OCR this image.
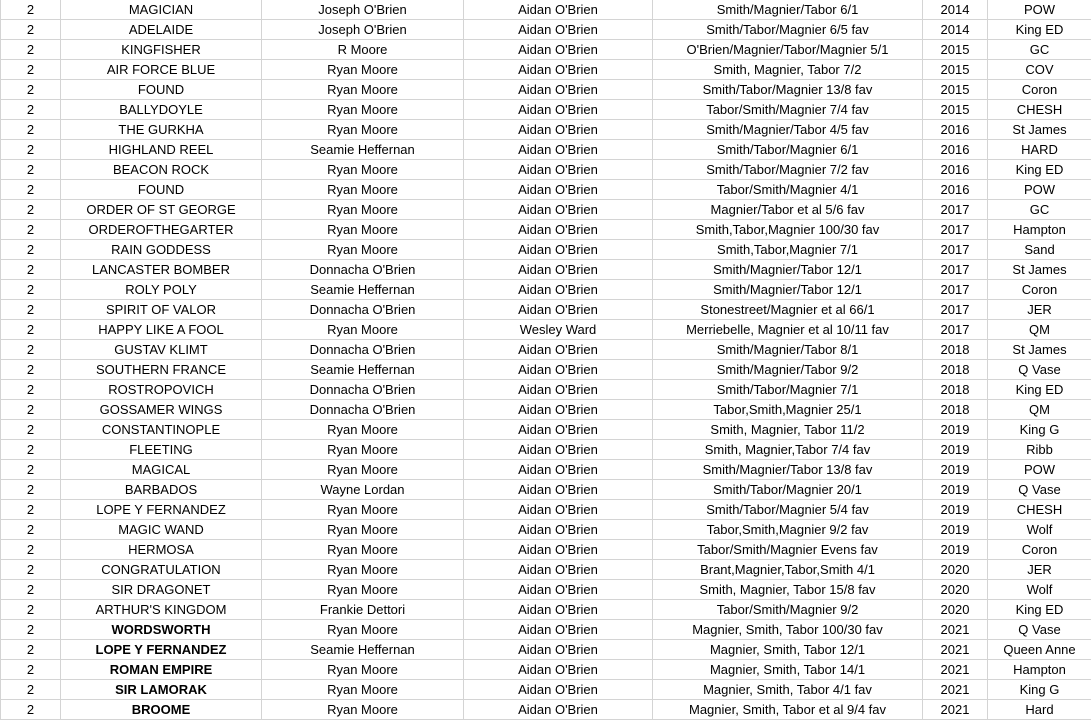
2	MAGICIAN	Joseph O'Brien	Aidan O'Brien	Smith/Magnier/Tabor 6/1	2014	POW
2	ADELAIDE	Joseph O'Brien	Aidan O'Brien	Smith/Tabor/Magnier 6/5 fav	2014	King ED
2	KINGFISHER	R Moore	Aidan O'Brien	O'Brien/Magnier/Tabor/Magnier 5/1	2015	GC
2	AIR FORCE BLUE	Ryan Moore	Aidan O'Brien	Smith, Magnier, Tabor 7/2	2015	COV
2	FOUND	Ryan Moore	Aidan O'Brien	Smith/Tabor/Magnier 13/8 fav	2015	Coron
2	BALLYDOYLE	Ryan Moore	Aidan O'Brien	Tabor/Smith/Magnier 7/4 fav	2015	CHESH
2	THE GURKHA	Ryan Moore	Aidan O'Brien	Smith/Magnier/Tabor 4/5 fav	2016	St James
2	HIGHLAND REEL	Seamie Heffernan	Aidan O'Brien	Smith/Tabor/Magnier 6/1	2016	HARD
2	BEACON ROCK	Ryan Moore	Aidan O'Brien	Smith/Tabor/Magnier 7/2 fav	2016	King ED
2	FOUND	Ryan Moore	Aidan O'Brien	Tabor/Smith/Magnier 4/1	2016	POW
2	ORDER OF ST GEORGE	Ryan Moore	Aidan O'Brien	Magnier/Tabor et al 5/6 fav	2017	GC
2	ORDEROFTHEGARTER	Ryan Moore	Aidan O'Brien	Smith,Tabor,Magnier 100/30 fav	2017	Hampton
2	RAIN GODDESS	Ryan Moore	Aidan O'Brien	Smith,Tabor,Magnier 7/1	2017	Sand
2	LANCASTER BOMBER	Donnacha O'Brien	Aidan O'Brien	Smith/Magnier/Tabor 12/1	2017	St James
2	ROLY POLY	Seamie Heffernan	Aidan O'Brien	Smith/Magnier/Tabor 12/1	2017	Coron
2	SPIRIT OF VALOR	Donnacha O'Brien	Aidan O'Brien	Stonestreet/Magnier et al 66/1	2017	JER
2	HAPPY LIKE A FOOL	Ryan Moore	Wesley Ward	Merriebelle, Magnier et al 10/11 fav	2017	QM
2	GUSTAV KLIMT	Donnacha O'Brien	Aidan O'Brien	Smith/Magnier/Tabor 8/1	2018	St James
2	SOUTHERN FRANCE	Seamie Heffernan	Aidan O'Brien	Smith/Magnier/Tabor 9/2	2018	Q Vase
2	ROSTROPOVICH	Donnacha O'Brien	Aidan O'Brien	Smith/Tabor/Magnier 7/1	2018	King ED
2	GOSSAMER WINGS	Donnacha O'Brien	Aidan O'Brien	Tabor,Smith,Magnier 25/1	2018	QM
2	CONSTANTINOPLE	Ryan Moore	Aidan O'Brien	Smith, Magnier, Tabor 11/2	2019	King G
2	FLEETING	Ryan Moore	Aidan O'Brien	Smith, Magnier,Tabor 7/4 fav	2019	Ribb
2	MAGICAL	Ryan Moore	Aidan O'Brien	Smith/Magnier/Tabor 13/8 fav	2019	POW
2	BARBADOS	Wayne Lordan	Aidan O'Brien	Smith/Tabor/Magnier 20/1	2019	Q Vase
2	LOPE Y FERNANDEZ	Ryan Moore	Aidan O'Brien	Smith/Tabor/Magnier 5/4 fav	2019	CHESH
2	MAGIC WAND	Ryan Moore	Aidan O'Brien	Tabor,Smith,Magnier 9/2 fav	2019	Wolf
2	HERMOSA	Ryan Moore	Aidan O'Brien	Tabor/Smith/Magnier Evens fav	2019	Coron
2	CONGRATULATION	Ryan Moore	Aidan O'Brien	Brant,Magnier,Tabor,Smith 4/1	2020	JER
2	SIR DRAGONET	Ryan Moore	Aidan O'Brien	Smith, Magnier, Tabor 15/8 fav	2020	Wolf
2	ARTHUR'S KINGDOM	Frankie Dettori	Aidan O'Brien	Tabor/Smith/Magnier 9/2	2020	King ED
2	WORDSWORTH	Ryan Moore	Aidan O'Brien	Magnier, Smith, Tabor 100/30 fav	2021	Q Vase
2	LOPE Y FERNANDEZ	Seamie Heffernan	Aidan O'Brien	Magnier, Smith, Tabor 12/1	2021	Queen Anne
2	ROMAN EMPIRE	Ryan Moore	Aidan O'Brien	Magnier, Smith, Tabor 14/1	2021	Hampton
2	SIR LAMORAK	Ryan Moore	Aidan O'Brien	Magnier, Smith, Tabor 4/1 fav	2021	King G
2	BROOME	Ryan Moore	Aidan O'Brien	Magnier, Smith, Tabor et al 9/4 fav	2021	Hard
